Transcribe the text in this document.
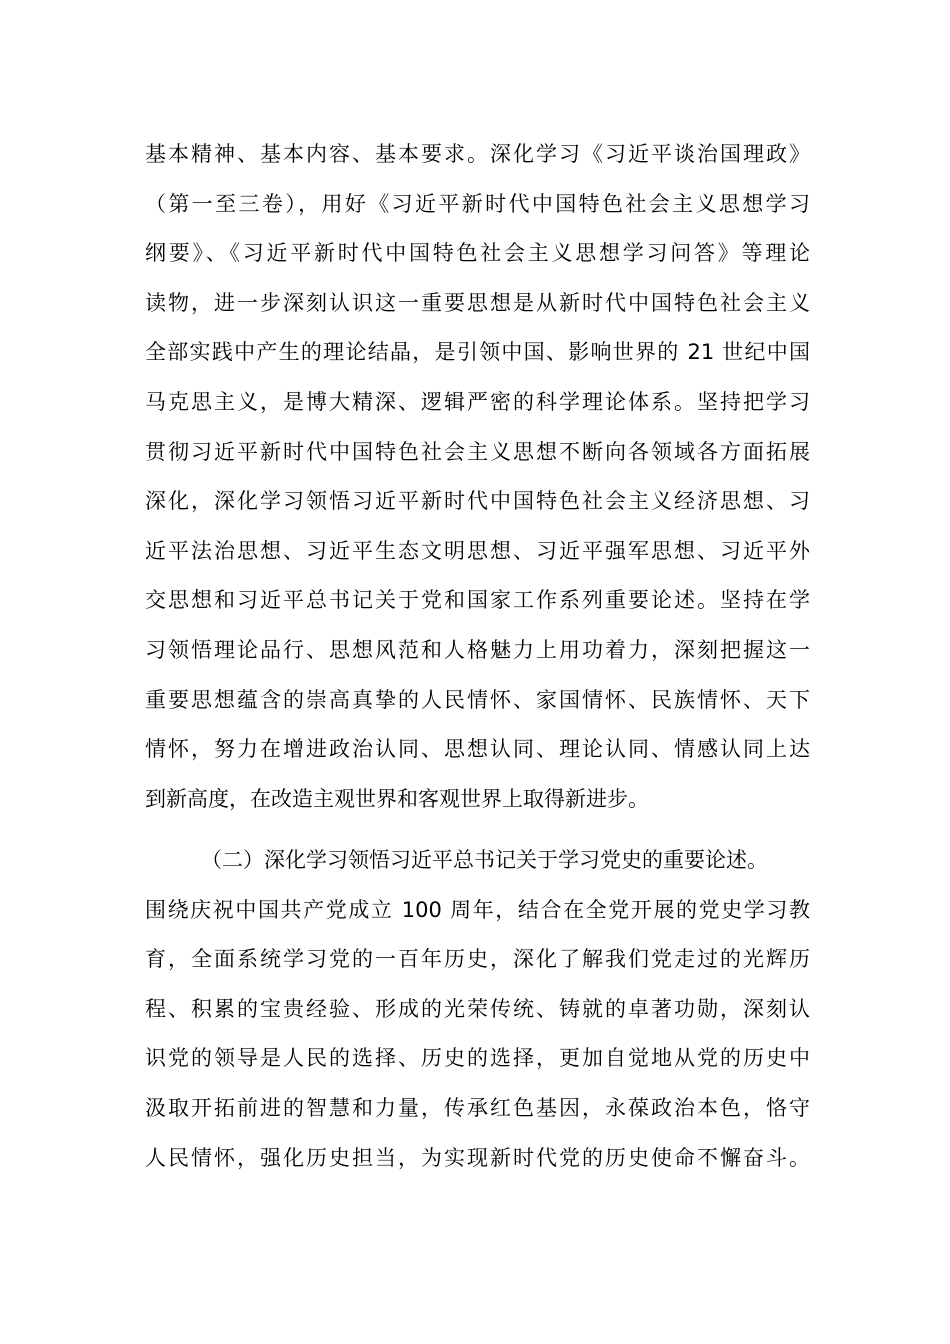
基本精神、基本内容、基本要求。深化学习《习近平谈治国理政》
（第一至三卷），用好《习近平新时代中国特色社会主义思想学习
纲要》、《习近平新时代中国特色社会主义思想学习问答》等理论
读物，进一步深刻认识这一重要思想是从新时代中国特色社会主义
全部实践中产生的理论结晶，是引领中国、影响世界的 21 世纪中国
马克思主义，是博大精深、逻辑严密的科学理论体系。坚持把学习
贯彻习近平新时代中国特色社会主义思想不断向各领域各方面拓展
深化，深化学习领悟习近平新时代中国特色社会主义经济思想、习
近平法治思想、习近平生态文明思想、习近平强军思想、习近平外
交思想和习近平总书记关于党和国家工作系列重要论述。坚持在学
习领悟理论品行、思想风范和人格魅力上用功着力，深刻把握这一
重要思想蕴含的崇高真挚的人民情怀、家国情怀、民族情怀、天下
情怀，努力在增进政治认同、思想认同、理论认同、情感认同上达
到新高度，在改造主观世界和客观世界上取得新进步。
（二）深化学习领悟习近平总书记关于学习党史的重要论述。
围绕庆祝中国共产党成立 100 周年，结合在全党开展的党史学习教
育，全面系统学习党的一百年历史，深化了解我们党走过的光辉历
程、积累的宝贵经验、形成的光荣传统、铸就的卓著功勋，深刻认
识党的领导是人民的选择、历史的选择，更加自觉地从党的历史中
汲取开拓前进的智慧和力量，传承红色基因，永葆政治本色，恪守
人民情怀，强化历史担当，为实现新时代党的历史使命不懈奋斗。
